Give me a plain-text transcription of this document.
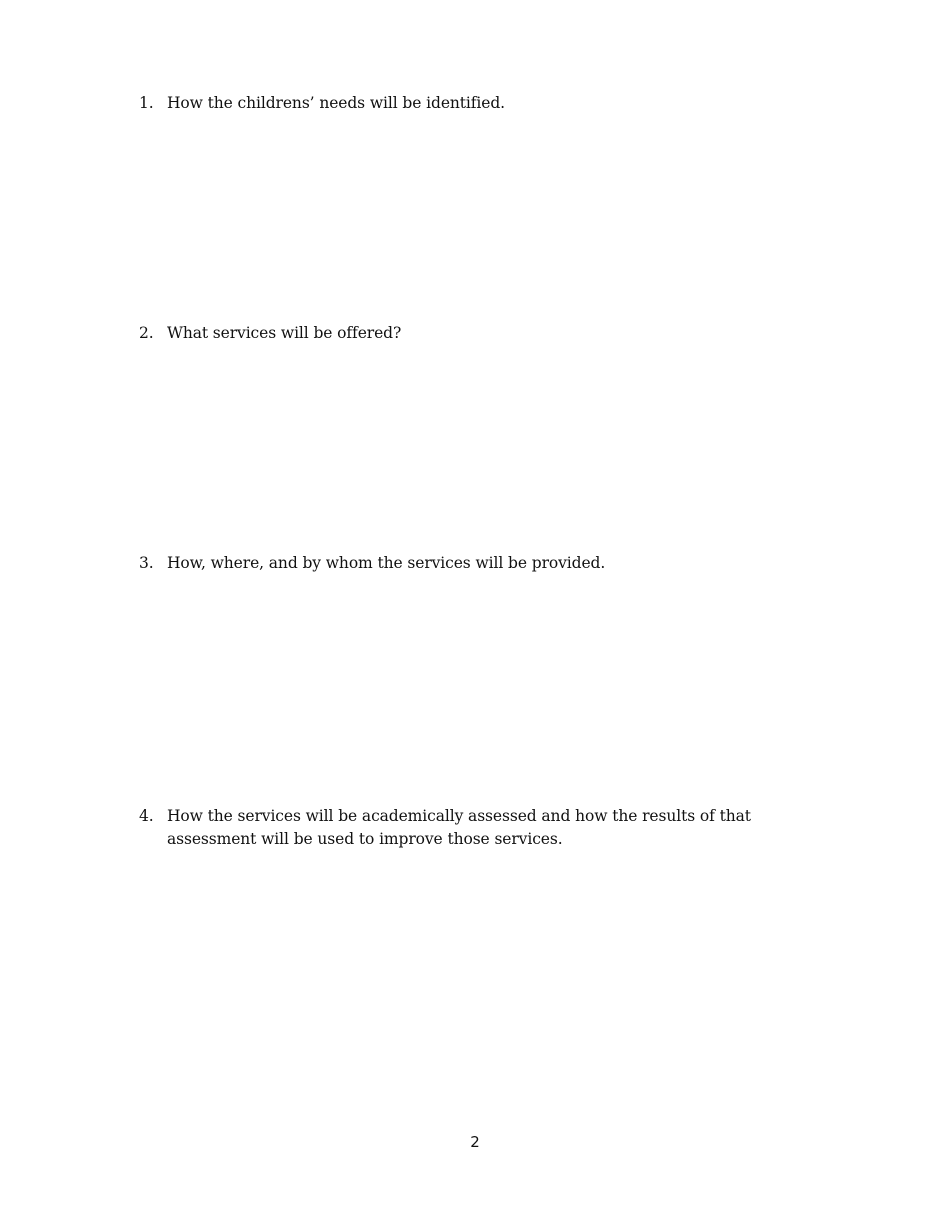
1. How the childrens’ needs will be identified.
2. What services will be offered?
3. How, where, and by whom the services will be provided.
4. How the services will be academically assessed and how the results of that assessment will be used to improve those services.
2
